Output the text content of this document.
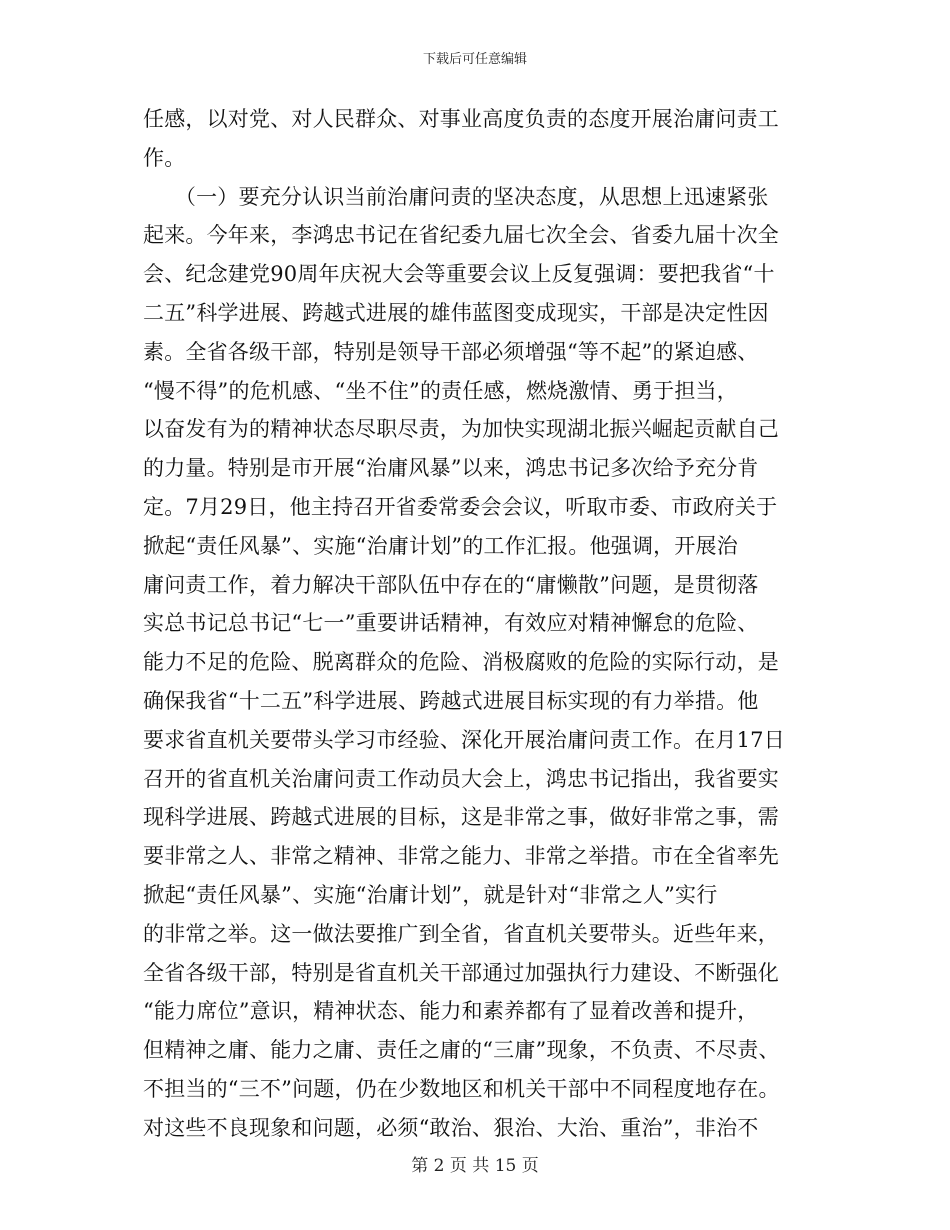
下载后可任意编辑
任感，以对党、对人民群众、对事业高度负责的态度开展治庸问责工
作。
　　（一）要充分认识当前治庸问责的坚决态度，从思想上迅速紧张
起来。今年来，李鸿忠书记在省纪委九届七次全会、省委九届十次全
会、纪念建党90周年庆祝大会等重要会议上反复强调：要把我省“十
二五”科学进展、跨越式进展的雄伟蓝图变成现实，干部是决定性因
素。全省各级干部，特别是领导干部必须增强“等不起”的紧迫感、
“慢不得”的危机感、“坐不住”的责任感，燃烧激情、勇于担当，
以奋发有为的精神状态尽职尽责，为加快实现湖北振兴崛起贡献自己
的力量。特别是市开展“治庸风暴”以来，鸿忠书记多次给予充分肯
定。7月29日，他主持召开省委常委会会议，听取市委、市政府关于
掀起“责任风暴”、实施“治庸计划”的工作汇报。他强调，开展治
庸问责工作，着力解决干部队伍中存在的“庸懒散”问题，是贯彻落
实总书记总书记“七一”重要讲话精神，有效应对精神懈怠的危险、
能力不足的危险、脱离群众的危险、消极腐败的危险的实际行动，是
确保我省“十二五”科学进展、跨越式进展目标实现的有力举措。他
要求省直机关要带头学习市经验、深化开展治庸问责工作。在月17日
召开的省直机关治庸问责工作动员大会上，鸿忠书记指出，我省要实
现科学进展、跨越式进展的目标，这是非常之事，做好非常之事，需
要非常之人、非常之精神、非常之能力、非常之举措。市在全省率先
掀起“责任风暴”、实施“治庸计划”，就是针对“非常之人”实行
的非常之举。这一做法要推广到全省，省直机关要带头。近些年来，
全省各级干部，特别是省直机关干部通过加强执行力建设、不断强化
“能力席位”意识，精神状态、能力和素养都有了显着改善和提升，
但精神之庸、能力之庸、责任之庸的“三庸”现象，不负责、不尽责、
不担当的“三不”问题，仍在少数地区和机关干部中不同程度地存在。
对这些不良现象和问题，必须“敢治、狠治、大治、重治”，非治不
第 2 页 共 15 页
